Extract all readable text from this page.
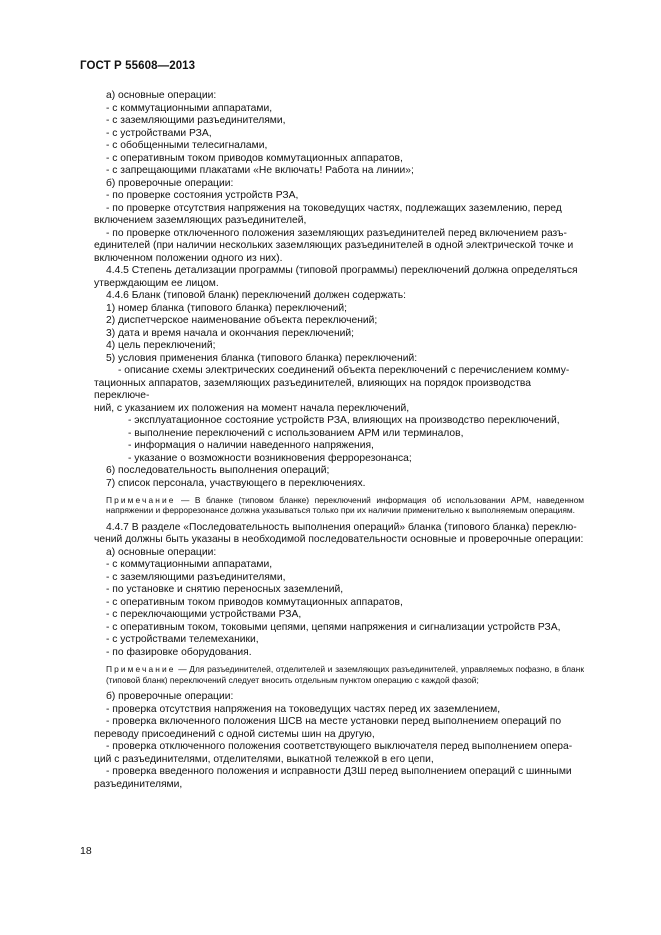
ГОСТ Р 55608—2013

а) основные операции:

- с коммутационными аппаратами,

- с заземляющими разъединителями,

- с устройствами РЗА,

- с обобщенными телесигналами,

- с оперативным током приводов коммутационных аппаратов,

- с запрещающими плакатами «Не включать! Работа на линии»;

б) проверочные операции:

- по проверке состояния устройств РЗА,

- по проверке отсутствия напряжения на токоведущих частях, подлежащих заземлению, перед

включением заземляющих разъединителей,

- по проверке отключенного положения заземляющих разъединителей перед включением разъ-

единителей (при наличии нескольких заземляющих разъединителей в одной электрической точке и

включенном положении одного из них).

4.4.5 Степень детализации программы (типовой программы) переключений должна определяться

утверждающим ее лицом.

4.4.6 Бланк (типовой бланк) переключений должен содержать:

1) номер бланка (типового бланка) переключений;

2) диспетчерское наименование объекта переключений;

3) дата и время начала и окончания переключений;

4) цель переключений;

5) условия применения бланка (типового бланка) переключений:

- описание схемы электрических соединений объекта переключений с перечислением комму-

тационных аппаратов, заземляющих разъединителей, влияющих на порядок производства переключе-

ний, с указанием их положения на момент начала переключений,

- эксплуатационное состояние устройств РЗА, влияющих на производство переключений,

- выполнение переключений с использованием АРМ или терминалов,

- информация о наличии наведенного напряжения,

- указание о возможности возникновения феррорезонанса;

6) последовательность выполнения операций;

7) список персонала, участвующего в переключениях.

Примечание — В бланке (типовом бланке) переключений информация об использовании АРМ, наведенном напряжении и феррорезонансе должна указываться только при их наличии применительно к выполняемым операциям.

4.4.7 В разделе «Последовательность выполнения операций» бланка (типового бланка) переклю-

чений должны быть указаны в необходимой последовательности основные и проверочные операции:

а) основные операции:

- с коммутационными аппаратами,

- с заземляющими разъединителями,

- по установке и снятию переносных заземлений,

- с оперативным током приводов коммутационных аппаратов,

- с переключающими устройствами РЗА,

- с оперативным током, токовыми цепями, цепями напряжения и сигнализации устройств РЗА,

- с устройствами телемеханики,

- по фазировке оборудования.

Примечание — Для разъединителей, отделителей и заземляющих разъединителей, управляемых пофазно, в бланк (типовой бланк) переключений следует вносить отдельным пунктом операцию с каждой фазой;

б) проверочные операции:

- проверка отсутствия напряжения на токоведущих частях перед их заземлением,

- проверка включенного положения ШСВ на месте установки перед выполнением операций по

переводу присоединений с одной системы шин на другую,

- проверка отключенного положения соответствующего выключателя перед выполнением опера-

ций с разъединителями, отделителями, выкатной тележкой в его цепи,

- проверка введенного положения и исправности ДЗШ перед выполнением операций с шинными

разъединителями,

18
